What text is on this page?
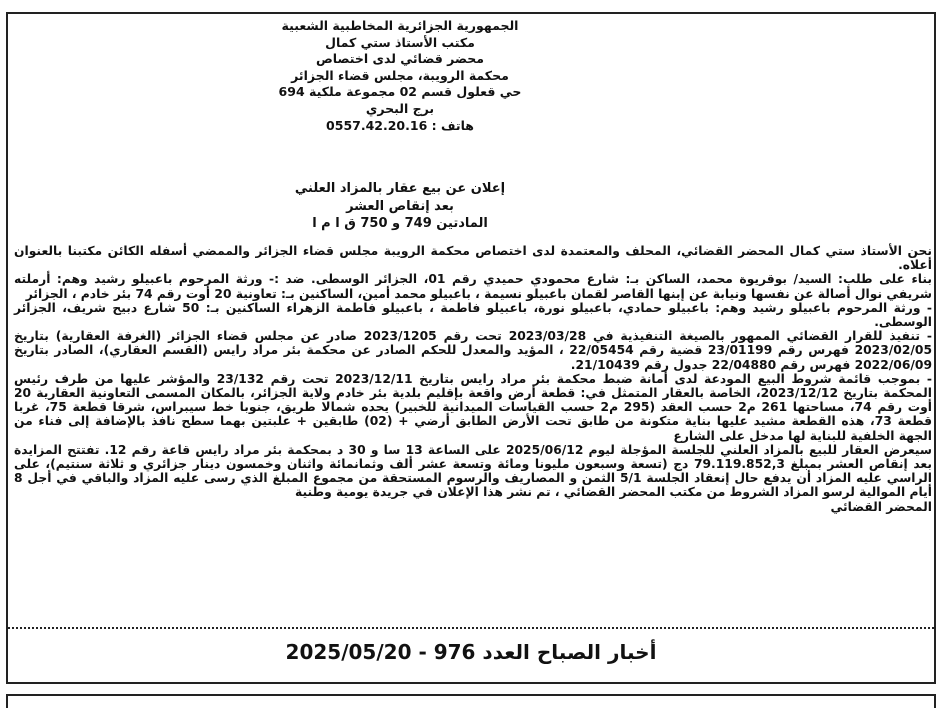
الجمهورية الجزائرية المخاطبية الشعبية
مكتب الأستاذ ستي كمال
محضر قضائي لدى اختصاص
محكمة الرويبة، مجلس قضاء الجزائر
حي قعلول قسم 02 مجموعة ملكية 694
برج البحري
هاتف : 0557.42.20.16
إعلان عن بيع عقار بالمزاد العلني
بعد إنقاص العشر
المادتين 749 و 750 ق ا م ا

نحن الأستاذ ستي كمال المحضر القضائي، المحلف والمعتمدة لدى اختصاص محكمة الرويبة مجلس قضاء الجزائر والممضي أسفله الكائن مكتبنا بالعنوان أعلاه.

بناء على طلب: السيد/ بوقريوة محمد، الساكن بـ: شارع محمودي حميدي رقم 01، الجزائر الوسطى. ضد :- ورثة المرحوم باعبيلو رشيد وهم: أرملته شريفي نوال أصالة عن نفسها ونيابة عن إبنها القاصر لقمان باعبيلو نسيمة ، باعبيلو محمد أمين، الساكنين بـ: تعاونية 20 أوت رقم 74 بئر خادم ، الجزائر

- ورثة المرحوم باعبيلو رشيد وهم: باعبيلو حمادي، باعبيلو نورة، باعبيلو فاطمة ، باعبيلو فاطمة الزهراء الساكنين بـ: 50 شارع دبيح شريف، الجزائر الوسطى.

- تنفيذ للقرار القضائي الممهور بالصيغة التنفيذية في 2023/03/28 تحت رقم 2023/1205 صادر عن مجلس قضاء الجزائر (الغرفة العقارية) بتاريخ 2023/02/05 فهرس رقم 23/01199 قضية رقم 22/05454 ، المؤيد والمعدل للحكم الصادر عن محكمة بئر مراد رايس (القسم العقاري)، الصادر بتاريخ 2022/06/09 فهرس رقم 22/04880 جدول رقم 21/10439.

- بموجب قائمة شروط البيع المودعة لدى أمانة ضبط محكمة بئر مراد رايس بتاريخ 2023/12/11 تحت رقم 23/132 والمؤشر عليها من طرف رئيس المحكمة بتاريخ 2023/12/12، الخاصة بالعقار المتمثل في: قطعة أرض واقعة بإقليم بلدية بئر خادم ولاية الجزائر، بالمكان المسمى التعاونية العقارية 20 أوت رقم 74، مساحتها 261 م2 حسب العقد (295 م2 حسب القياسات الميدانية للخبير) يحده شمالا طريق، جنوبا خط سيبراس، شرقا قطعة 75، غربا قطعة 73، هذه القطعة مشيد عليها بناية متكونة من طابق تحت الأرض الطابق أرضي + (02) طابقين + علبتين بهما سطح نافذ بالإضافة إلى فناء من الجهة الخلفية للبناية لها مدخل على الشارع

سيعرض العقار للبيع بالمزاد العلني للجلسة المؤجلة ليوم 2025/06/12 على الساعة 13 سا و 30 د بمحكمة بئر مراد رايس قاعة رقم 12. تفتتح المزايدة بعد إنقاص العشر بمبلغ 79.119.852,3 دج (تسعة وسبعون مليونا ومائة وتسعة عشر ألف وثمانمائة واثنان وخمسون دينار جزائري و ثلاثة سنتيم)، على الراسي عليه المزاد أن يدفع حال إنعقاد الجلسة 5/1 الثمن و المصاريف والرسوم المستحقة من مجموع المبلغ الذي رسى عليه المزاد والباقي في أجل 8 أيام الموالية لرسو المزاد الشروط من مكتب المحضر القضائي ، تم نشر هذا الإعلان في جريدة يومية وطنية

المحضر القضائي

أخبار الصباح العدد 976 - 2025/05/20
